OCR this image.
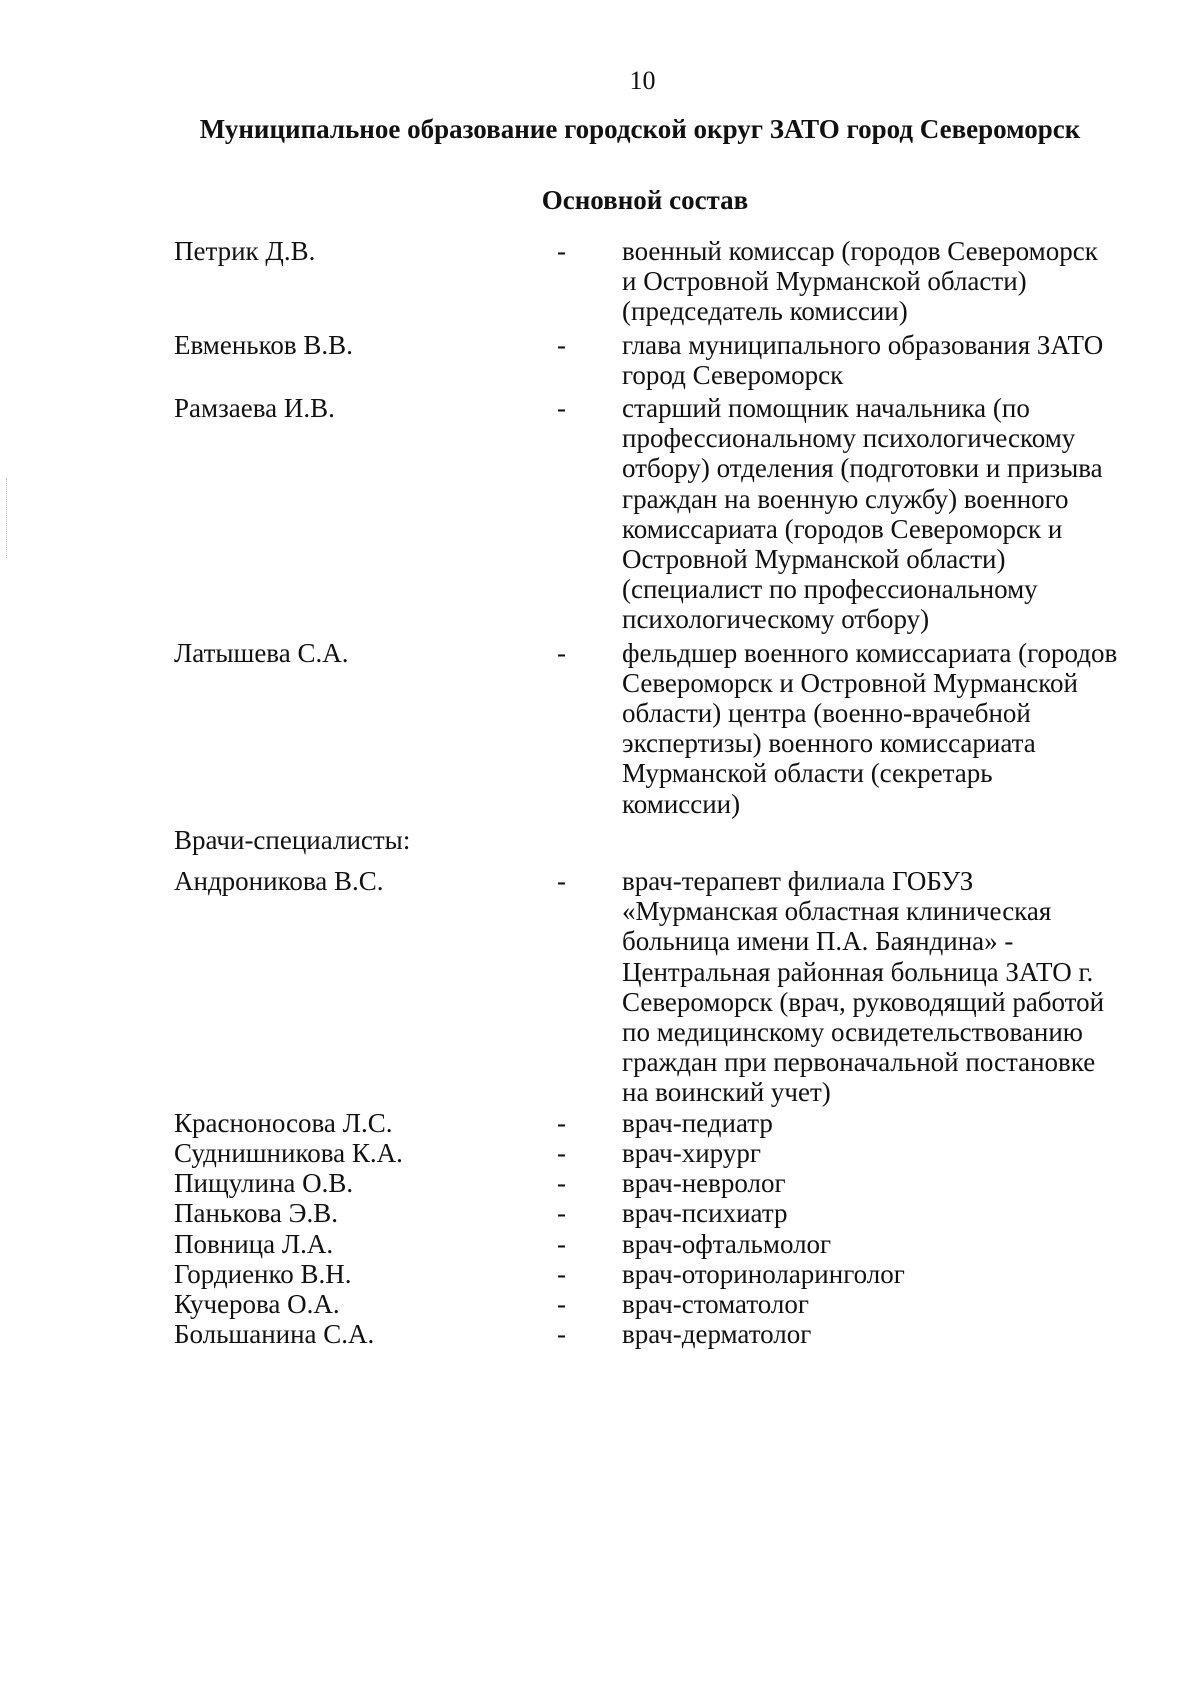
10
Муниципальное образование городской округ ЗАТО город Североморск
Основной состав
Петрик Д.В.	- военный комиссар (городов Североморск
и Островной Мурманской области)
(председатель комиссии)
Евменьков В.В.	- глава муниципального образования ЗАТО
город Североморск
Рамзаева И.В.	- старший помощник начальника (по
профессиональному психологическому
отбору) отделения (подготовки и призыва
граждан на военную службу) военного
комиссариата (городов Североморск и
Островной Мурманской области)
(специалист по профессиональному
психологическому отбору)
Латышева С.А.	- фельдшер военного комиссариата (городов
Североморск и Островной Мурманской
области) центра (военно-врачебной
экспертизы) военного комиссариата
Мурманской области (секретарь
комиссии)
Врачи-специалисты:
Андроникова В.С.	- врач-терапевт филиала ГОБУЗ
«Мурманская областная клиническая
больница имени П.А. Баяндина» -
Центральная районная больница ЗАТО г.
Североморск (врач, руководящий работой
по медицинскому освидетельствованию
граждан при первоначальной постановке
на воинский учет)
Красноносова Л.С.	- врач-педиатр
Суднишникова К.А.	- врач-хирург
Пищулина О.В.	- врач-невролог
Панькова Э.В.	- врач-психиатр
Повница Л.А.	- врач-офтальмолог
Гордиенко В.Н.	- врач-оториноларинголог
Кучерова О.А.	- врач-стоматолог
Большанина С.А.	- врач-дерматолог
